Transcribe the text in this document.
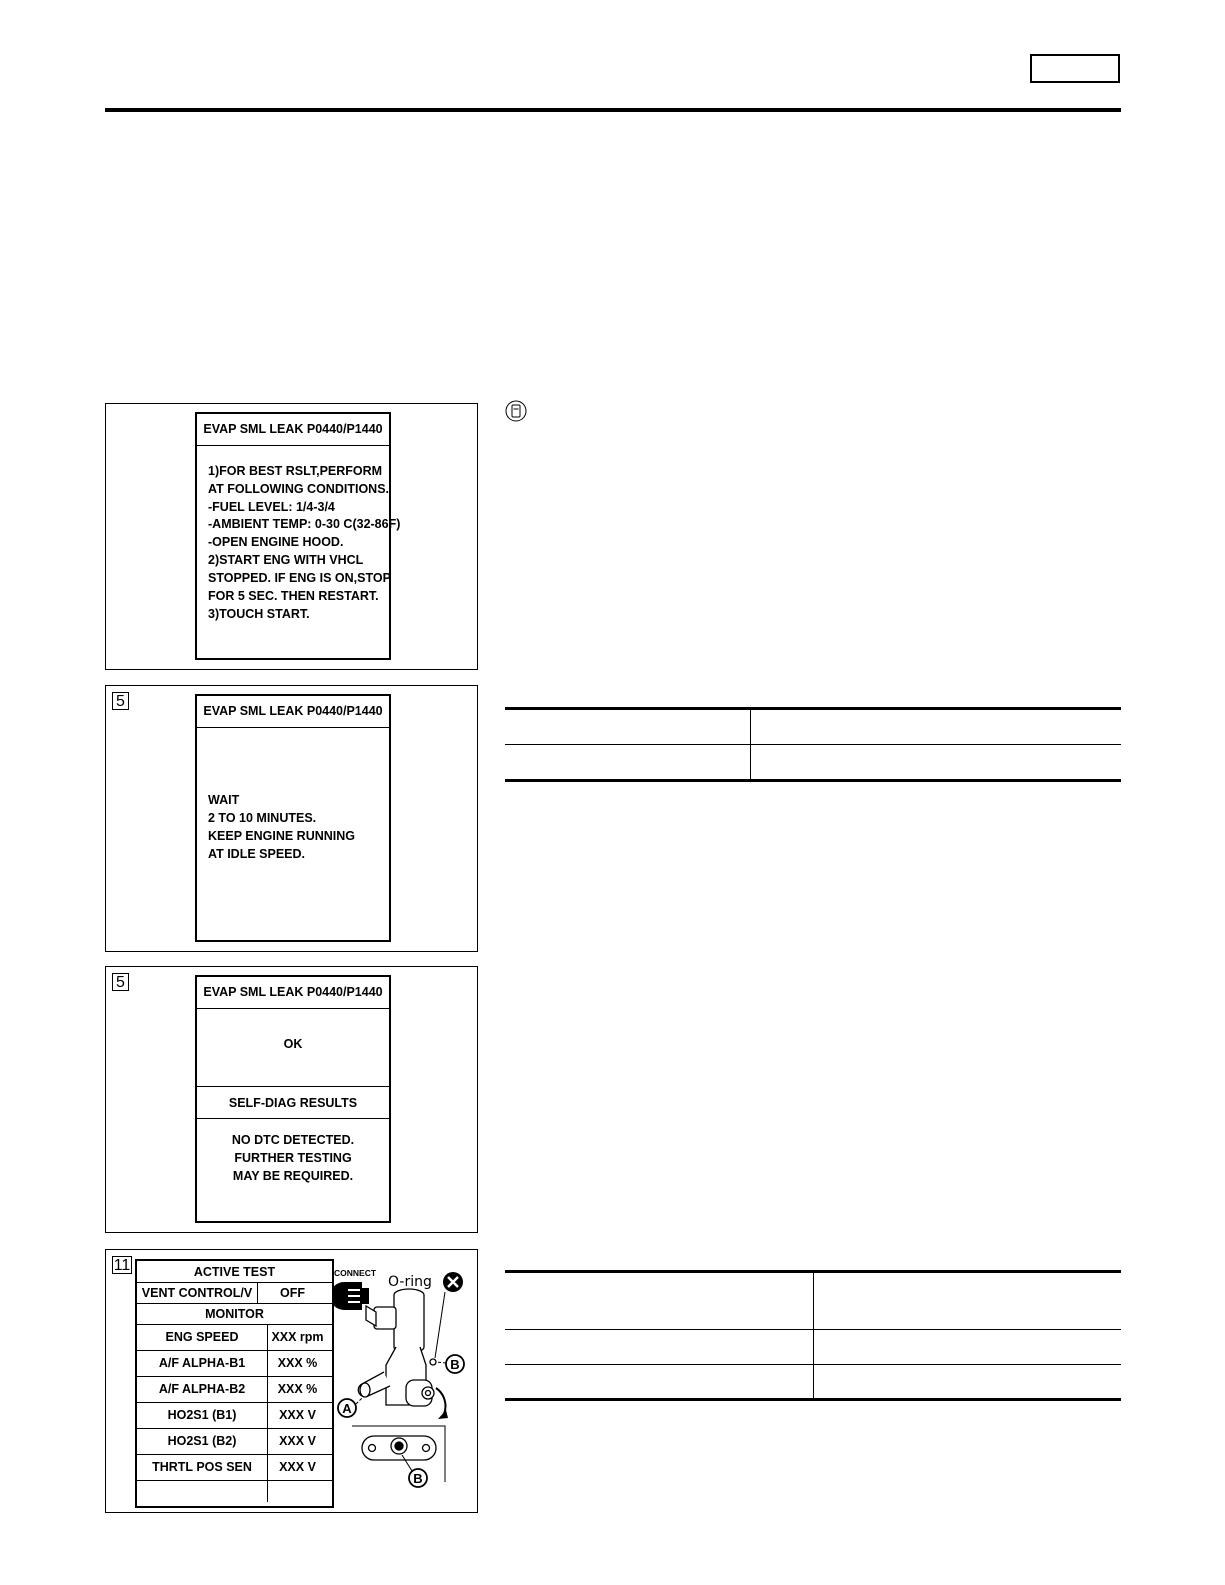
EVAP SML LEAK P0440/P1440
1)FOR BEST RSLT,PERFORM
AT FOLLOWING CONDITIONS.
-FUEL LEVEL: 1/4-3/4
-AMBIENT TEMP: 0-30 C(32-86F)
-OPEN ENGINE HOOD.
2)START ENG WITH VHCL
STOPPED. IF ENG IS ON,STOP
FOR 5 SEC. THEN RESTART.
3)TOUCH START.
5
EVAP SML LEAK P0440/P1440
WAIT
2 TO 10 MINUTES.
KEEP ENGINE RUNNING
AT IDLE SPEED.

5
EVAP SML LEAK P0440/P1440
OK
SELF-DIAG RESULTS
NO DTC DETECTED.
FURTHER TESTING
MAY BE REQUIRED.
11	ACTIVE TEST
VENT CONTROL/V	OFF
MONITOR
ENG SPEED	XXX rpm
A/F ALPHA-B1	XXX %
A/F ALPHA-B2	XXX %
HO2S1 (B1)	XXX V
HO2S1 (B2)	XXX V
THRTL POS SEN	XXX V
CONNECT
O-ring
A
B
B
